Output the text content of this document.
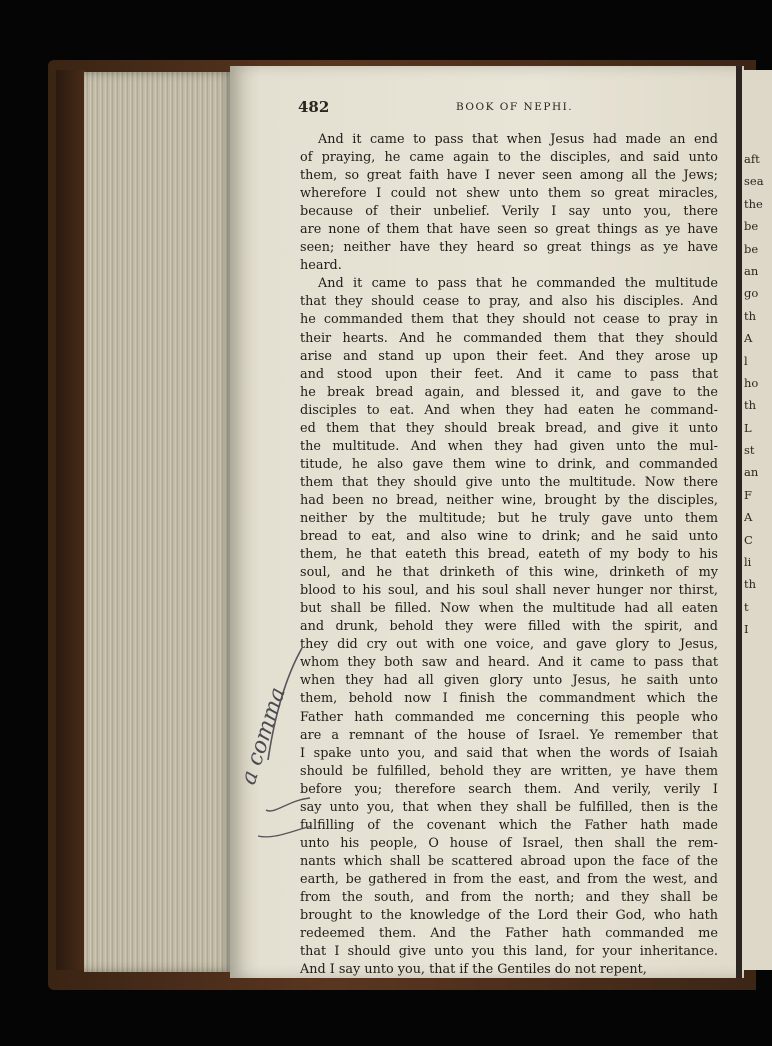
aft
sea
the
be
be
an
go
th
A
l
ho
th
L
st
an
F
A
C
li
th
t
I
482	BOOK OF NEPHI.
And it came to pass that when Jesus had made an end
of praying, he came again to the disciples, and said unto
them, so great faith have I never seen among all the Jews;
wherefore I could not shew unto them so great miracles,
because of their unbelief. Verily I say unto you, there
are none of them that have seen so great things as ye have
seen; neither have they heard so great things as ye have
heard.
And it came to pass that he commanded the multitude
that they should cease to pray, and also his disciples. And
he commanded them that they should not cease to pray in
their hearts. And he commanded them that they should
arise and stand up upon their feet. And they arose up
and stood upon their feet. And it came to pass that
he break bread again, and blessed it, and gave to the
disciples to eat. And when they had eaten he command-
ed them that they should break bread, and give it unto
the multitude. And when they had given unto the mul-
titude, he also gave them wine to drink, and commanded
them that they should give unto the multitude. Now there
had been no bread, neither wine, brought by the disciples,
neither by the multitude; but he truly gave unto them
bread to eat, and also wine to drink; and he said unto
them, he that eateth this bread, eateth of my body to his
soul, and he that drinketh of this wine, drinketh of my
blood to his soul, and his soul shall never hunger nor thirst,
but shall be filled. Now when the multitude had all eaten
and drunk, behold they were filled with the spirit, and
they did cry out with one voice, and gave glory to Jesus,
whom they both saw and heard. And it came to pass that
when they had all given glory unto Jesus, he saith unto
them, behold now I finish the commandment which the
Father hath commanded me concerning this people who
are a remnant of the house of Israel. Ye remember that
I spake unto you, and said that when the words of Isaiah
should be fulfilled, behold they are written, ye have them
before you; therefore search them. And verily, verily I
say unto you, that when they shall be fulfilled, then is the
fulfilling of the covenant which the Father hath made
unto his people, O house of Israel, then shall the rem-
nants which shall be scattered abroad upon the face of the
earth, be gathered in from the east, and from the west, and
from the south, and from the north; and they shall be
brought to the knowledge of the Lord their God, who hath
redeemed them. And the Father hath commanded me
that I should give unto you this land, for your inheritance.
And I say unto you, that if the Gentiles do not repent,
a comma
